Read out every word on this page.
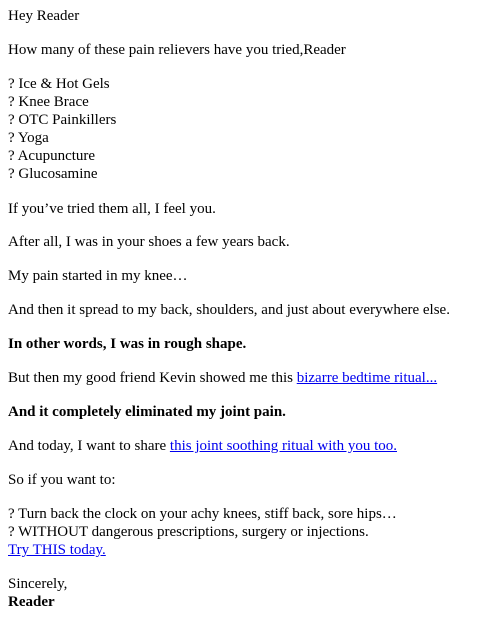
Hey Reader
How many of these pain relievers have you tried,Reader
? Ice & Hot Gels
? Knee Brace
? OTC Painkillers
? Yoga
? Acupuncture
? Glucosamine
If you’ve tried them all, I feel you.
After all, I was in your shoes a few years back.
My pain started in my knee…
And then it spread to my back, shoulders, and just about everywhere else.
In other words, I was in rough shape.
But then my good friend Kevin showed me this bizarre bedtime ritual...
And it completely eliminated my joint pain.
And today, I want to share this joint soothing ritual with you too.
So if you want to:
? Turn back the clock on your achy knees, stiff back, sore hips…
? WITHOUT dangerous prescriptions, surgery or injections.
Try THIS today.
Sincerely,
Reader
